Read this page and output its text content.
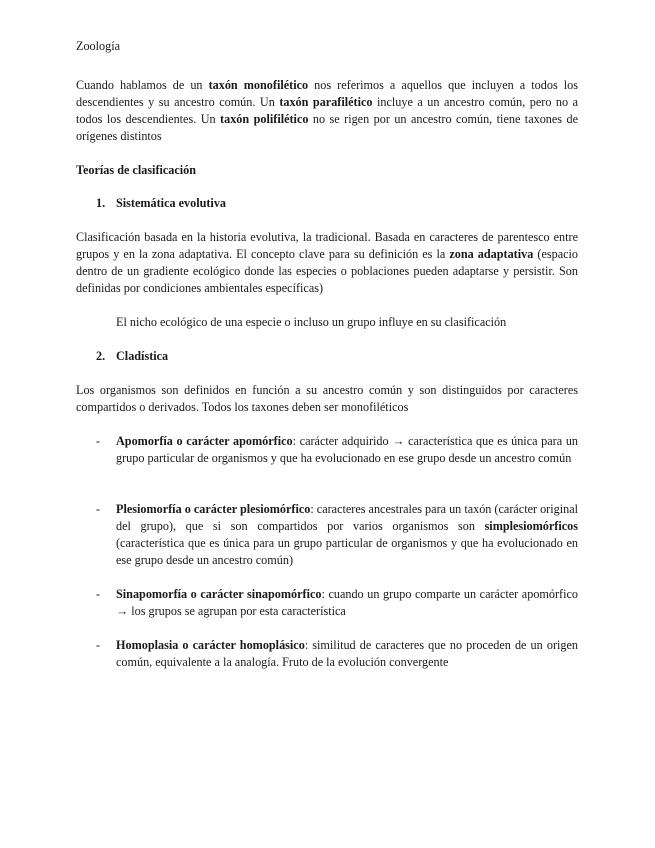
Zoología

Cuando hablamos de un taxón monofilético nos referimos a aquellos que incluyen a todos los descendientes y su ancestro común. Un taxón parafilético incluye a un ancestro común, pero no a todos los descendientes. Un taxón polifilético no se rigen por un ancestro común, tiene taxones de orígenes distintos

Teorías de clasificación

1. Sistemática evolutiva

Clasificación basada en la historia evolutiva, la tradicional. Basada en caracteres de parentesco entre grupos y en la zona adaptativa. El concepto clave para su definición es la zona adaptativa (espacio dentro de un gradiente ecológico donde las especies o poblaciones pueden adaptarse y persistir. Son definidas por condiciones ambientales específicas)

El nicho ecológico de una especie o incluso un grupo influye en su clasificación

2. Cladística

Los organismos son definidos en función a su ancestro común y son distinguidos por caracteres compartidos o derivados. Todos los taxones deben ser monofiléticos

- Apomorfía o carácter apomórfico: carácter adquirido → característica que es única para un grupo particular de organismos y que ha evolucionado en ese grupo desde un ancestro común

- Plesiomorfía o carácter plesiomórfico: caracteres ancestrales para un taxón (carácter original del grupo), que si son compartidos por varios organismos son simplesiomórficos (característica que es única para un grupo particular de organismos y que ha evolucionado en ese grupo desde un ancestro común)

- Sinapomorfía o carácter sinapomórfico: cuando un grupo comparte un carácter apomórfico → los grupos se agrupan por esta característica

- Homoplasia o carácter homoplásico: similitud de caracteres que no proceden de un origen común, equivalente a la analogía. Fruto de la evolución convergente
